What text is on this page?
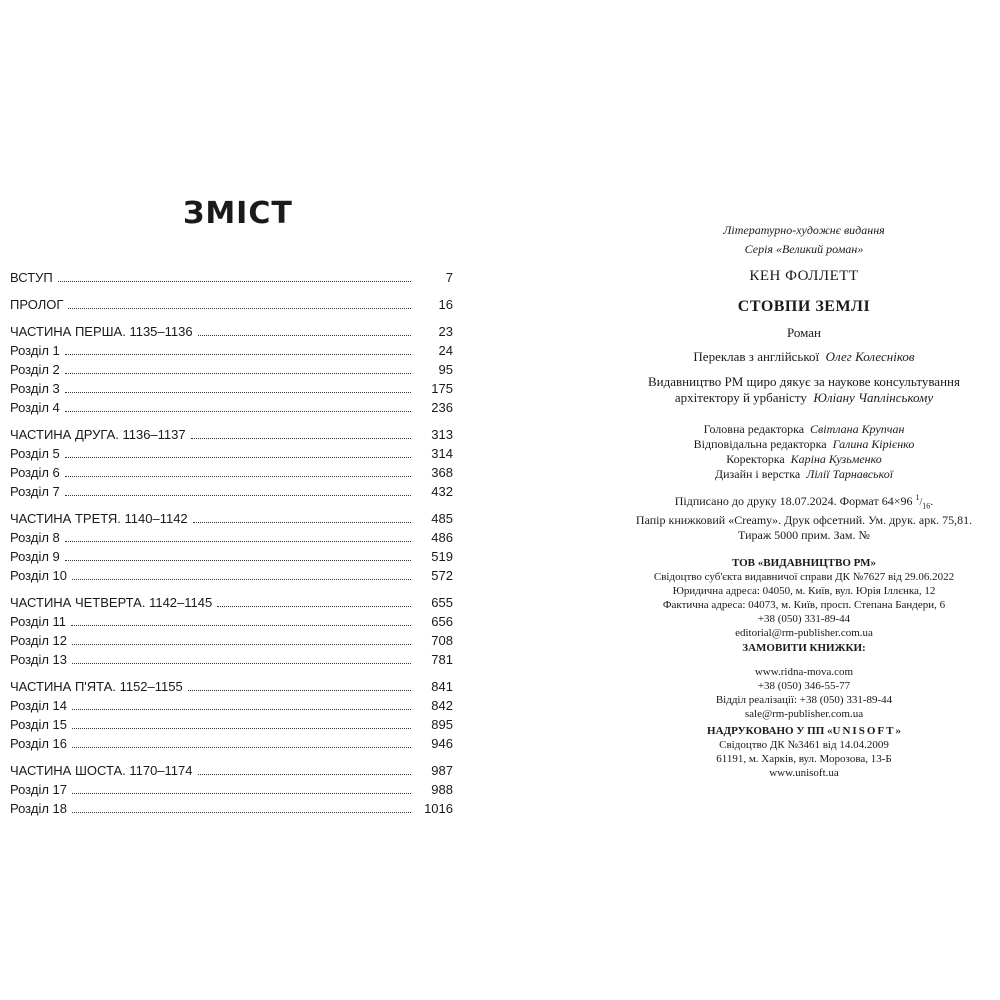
ЗМІСТ
ВСТУП	7
ПРОЛОГ	16
ЧАСТИНА ПЕРША. 1135–1136	23
Розділ 1	24
Розділ 2	95
Розділ 3	175
Розділ 4	236
ЧАСТИНА ДРУГА. 1136–1137	313
Розділ 5	314
Розділ 6	368
Розділ 7	432
ЧАСТИНА ТРЕТЯ. 1140–1142	485
Розділ 8	486
Розділ 9	519
Розділ 10	572
ЧАСТИНА ЧЕТВЕРТА. 1142–1145	655
Розділ 11	656
Розділ 12	708
Розділ 13	781
ЧАСТИНА П'ЯТА. 1152–1155	841
Розділ 14	842
Розділ 15	895
Розділ 16	946
ЧАСТИНА ШОСТА. 1170–1174	987
Розділ 17	988
Розділ 18	1016
Літературно-художнє видання
Серія «Великий роман»
КЕН ФОЛЛЕТТ
СТОВПИ ЗЕМЛІ
Роман
Переклав з англійської Олег Колесніков
Видавництво РМ щиро дякує за наукове консультування
архітектору й урбаністу Юліану Чаплінському
Головна редакторка Світлана Крупчан
Відповідальна редакторка Галина Кірієнко
Коректорка Каріна Кузьменко
Дизайн і верстка Лілії Тарнавської
Підписано до друку 18.07.2024. Формат 64×96 $^1/_{16}$.
Папір книжковий «Creamy». Друк офсетний. Ум. друк. арк. 75,81.
Тираж 5000 прим. Зам. №
ТОВ «ВИДАВНИЦТВО РМ»
Свідоцтво суб'єкта видавничої справи ДК №7627 від 29.06.2022
Юридична адреса: 04050, м. Київ, вул. Юрія Іллєнка, 12
Фактична адреса: 04073, м. Київ, просп. Степана Бандери, 6
+38 (050) 331-89-44
editorial@rm-publisher.com.ua
ЗАМОВИТИ КНИЖКИ:
www.ridna-mova.com
+38 (050) 346-55-77
Відділ реалізації: +38 (050) 331-89-44
sale@rm-publisher.com.ua
НАДРУКОВАНО У ПП «UNISOFT»
Свідоцтво ДК №3461 від 14.04.2009
61191, м. Харків, вул. Морозова, 13-Б
www.unisoft.ua
